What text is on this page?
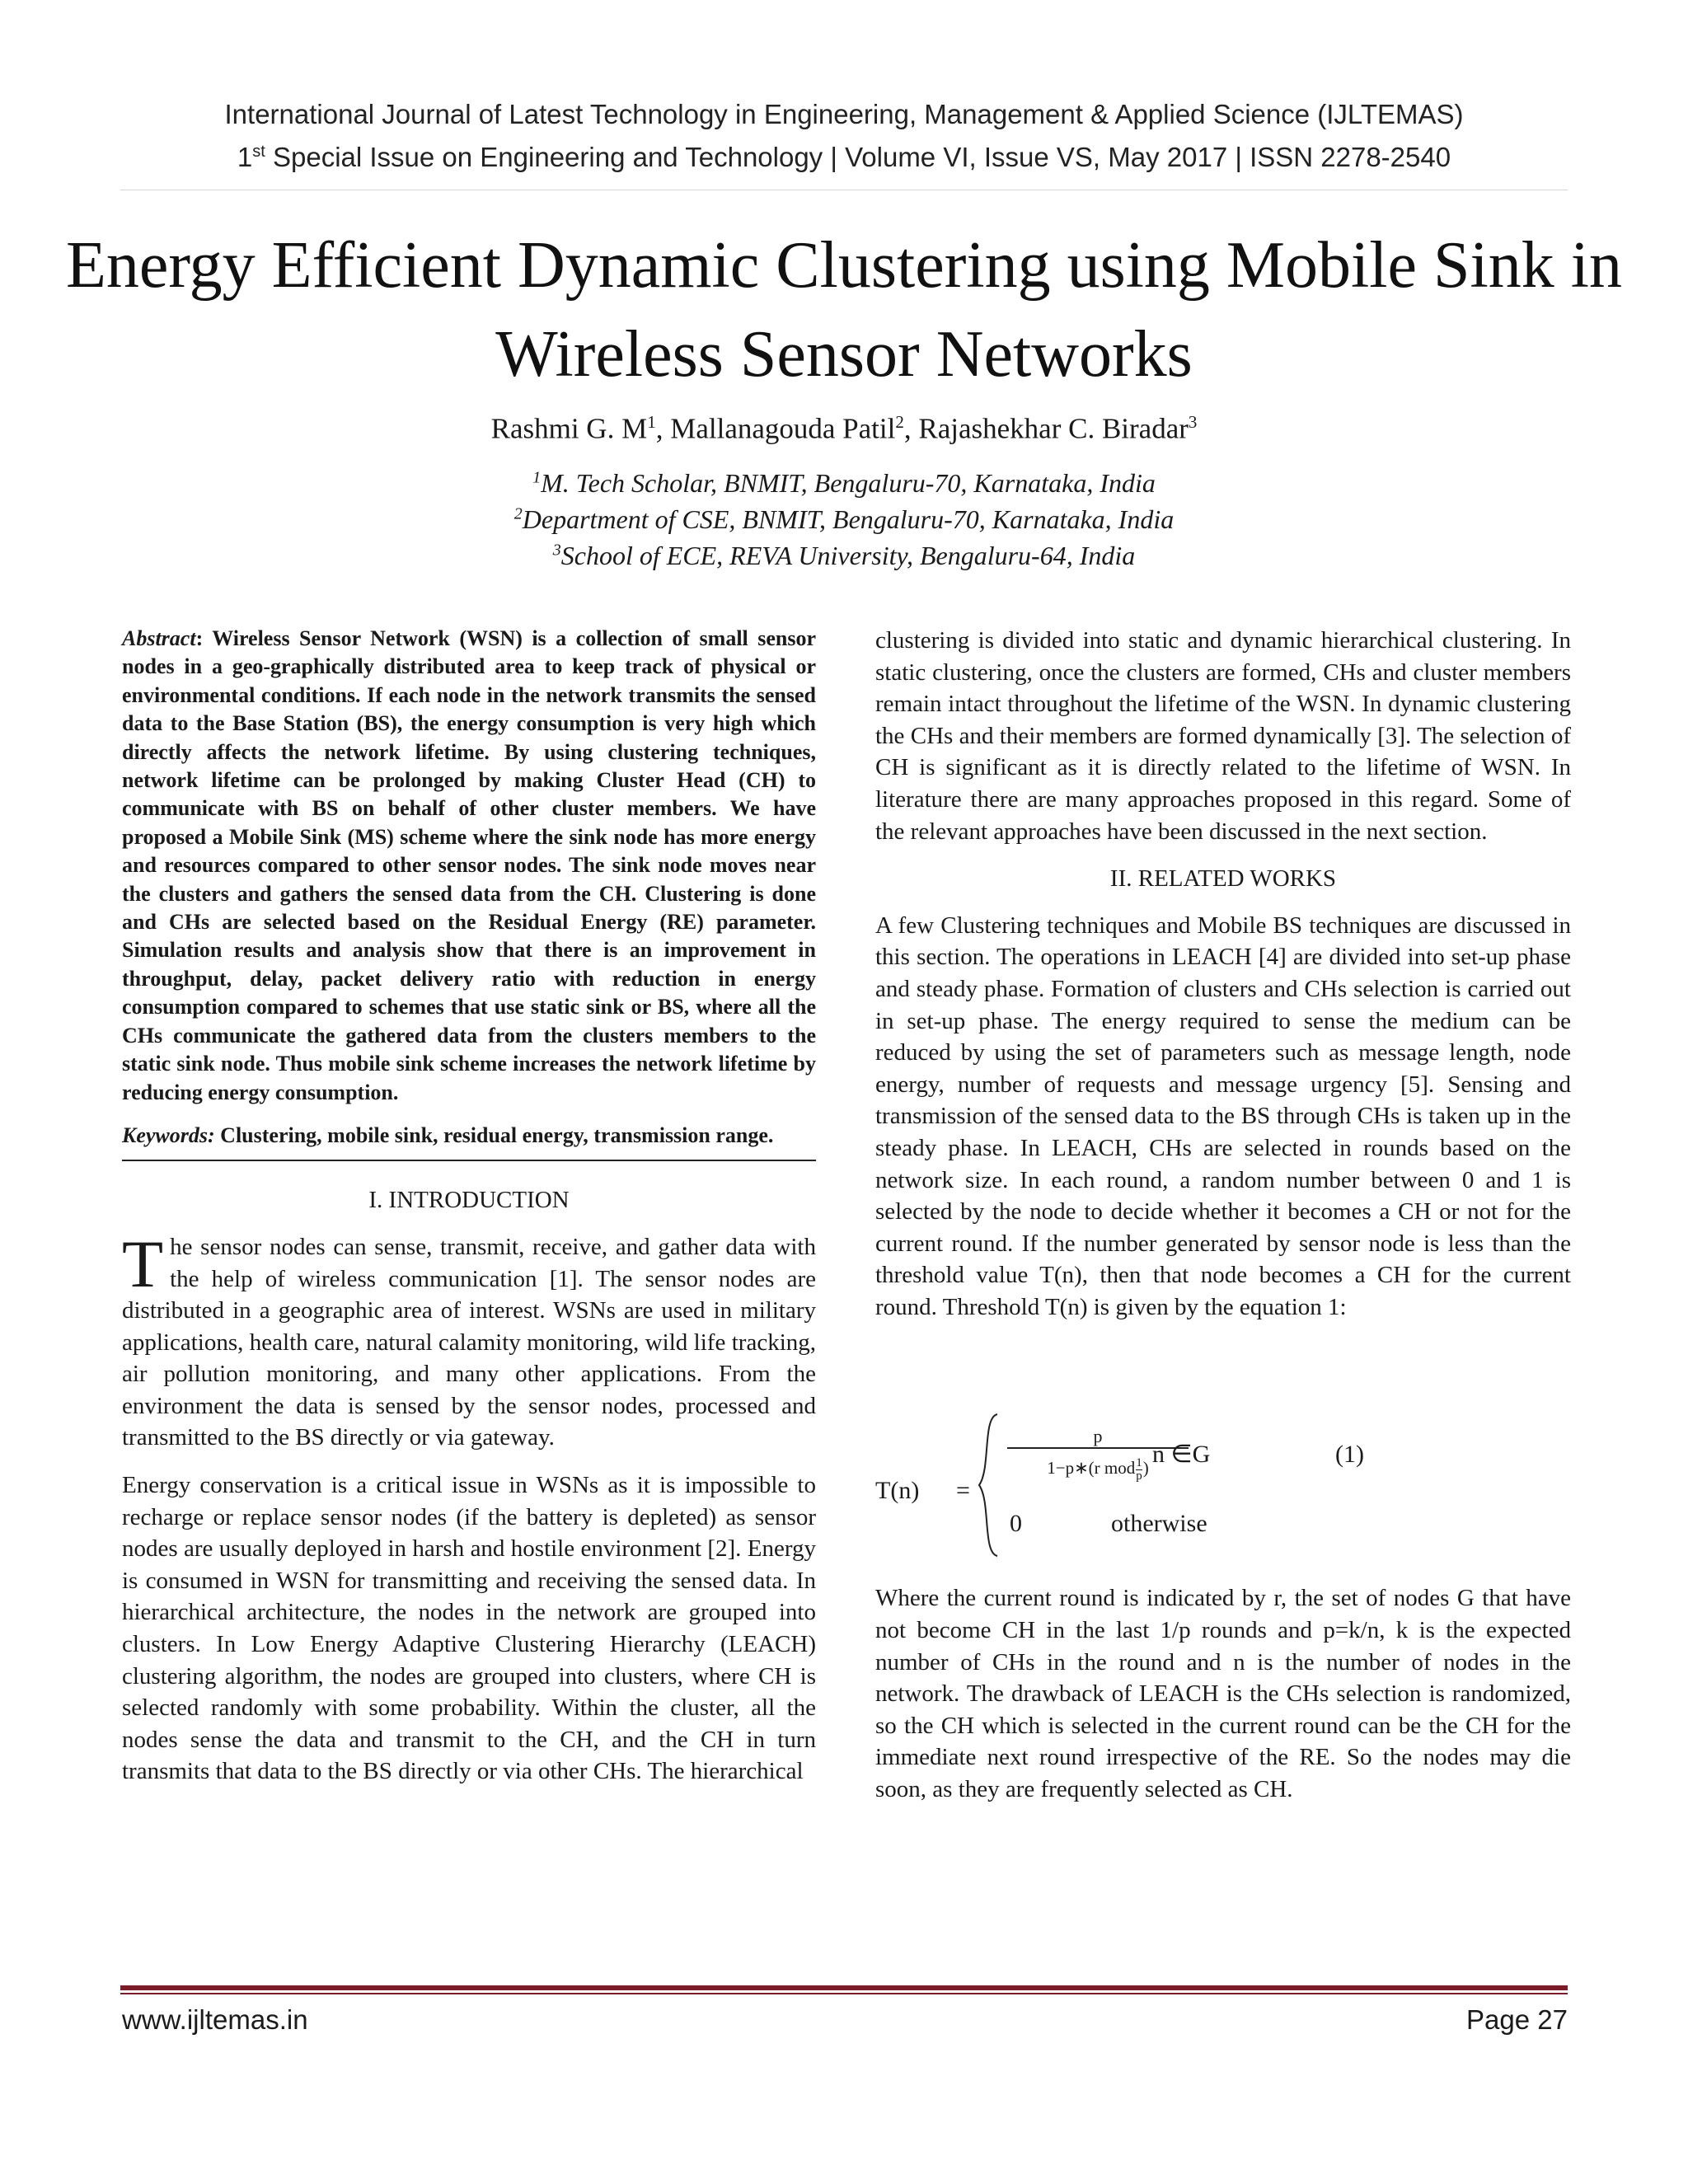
International Journal of Latest Technology in Engineering, Management & Applied Science (IJLTEMAS)
1st Special Issue on Engineering and Technology | Volume VI, Issue VS, May 2017 | ISSN 2278-2540
Energy Efficient Dynamic Clustering using Mobile Sink in Wireless Sensor Networks
Rashmi G. $M^1$, Mallanagouda Patil$^2$, Rajashekhar C. Biradar$^3$
$^1$M. Tech Scholar, BNMIT, Bengaluru-70, Karnataka, India
$^2$Department of CSE, BNMIT, Bengaluru-70, Karnataka, India
$^3$School of ECE, REVA University, Bengaluru-64, India

Abstract: Wireless Sensor Network (WSN) is a collection of small sensor nodes in a geo-graphically distributed area to keep track of physical or environmental conditions. If each node in the network transmits the sensed data to the Base Station (BS), the energy consumption is very high which directly affects the network lifetime. By using clustering techniques, network lifetime can be prolonged by making Cluster Head (CH) to communicate with BS on behalf of other cluster members. We have proposed a Mobile Sink (MS) scheme where the sink node has more energy and resources compared to other sensor nodes. The sink node moves near the clusters and gathers the sensed data from the CH. Clustering is done and CHs are selected based on the Residual Energy (RE) parameter. Simulation results and analysis show that there is an improvement in throughput, delay, packet delivery ratio with reduction in energy consumption compared to schemes that use static sink or BS, where all the CHs communicate the gathered data from the clusters members to the static sink node. Thus mobile sink scheme increases the network lifetime by reducing energy consumption.

Keywords: Clustering, mobile sink, residual energy, transmission range.

I. INTRODUCTION

The sensor nodes can sense, transmit, receive, and gather data with the help of wireless communication [1]. The sensor nodes are distributed in a geographic area of interest. WSNs are used in military applications, health care, natural calamity monitoring, wild life tracking, air pollution monitoring, and many other applications. From the environment the data is sensed by the sensor nodes, processed and transmitted to the BS directly or via gateway.

Energy conservation is a critical issue in WSNs as it is impossible to recharge or replace sensor nodes (if the battery is depleted) as sensor nodes are usually deployed in harsh and hostile environment [2]. Energy is consumed in WSN for transmitting and receiving the sensed data. In hierarchical architecture, the nodes in the network are grouped into clusters. In Low Energy Adaptive Clustering Hierarchy (LEACH) clustering algorithm, the nodes are grouped into clusters, where CH is selected randomly with some probability. Within the cluster, all the nodes sense the data and transmit to the CH, and the CH in turn transmits that data to the BS directly or via other CHs. The hierarchical

clustering is divided into static and dynamic hierarchical clustering. In static clustering, once the clusters are formed, CHs and cluster members remain intact throughout the lifetime of the WSN. In dynamic clustering the CHs and their members are formed dynamically [3]. The selection of CH is significant as it is directly related to the lifetime of WSN. In literature there are many approaches proposed in this regard. Some of the relevant approaches have been discussed in the next section.

II. RELATED WORKS

A few Clustering techniques and Mobile BS techniques are discussed in this section. The operations in LEACH [4] are divided into set-up phase and steady phase. Formation of clusters and CHs selection is carried out in set-up phase. The energy required to sense the medium can be reduced by using the set of parameters such as message length, node energy, number of requests and message urgency [5]. Sensing and transmission of the sensed data to the BS through CHs is taken up in the steady phase. In LEACH, CHs are selected in rounds based on the network size. In each round, a random number between 0 and 1 is selected by the node to decide whether it becomes a CH or not for the current round. If the number generated by sensor node is less than the threshold value T(n), then that node becomes a CH for the current round. Threshold T(n) is given by the equation 1:

T(n) =
p
1−p∗(r mod $\frac{1}{p}$ ) n ∈G	(1)
0	otherwise

Where the current round is indicated by r, the set of nodes G that have not become CH in the last 1/p rounds and p=k/n, k is the expected number of CHs in the round and n is the number of nodes in the network. The drawback of LEACH is the CHs selection is randomized, so the CH which is selected in the current round can be the CH for the immediate next round irrespective of the RE. So the nodes may die soon, as they are frequently selected as CH.

www.ijltemas.in	Page 27
